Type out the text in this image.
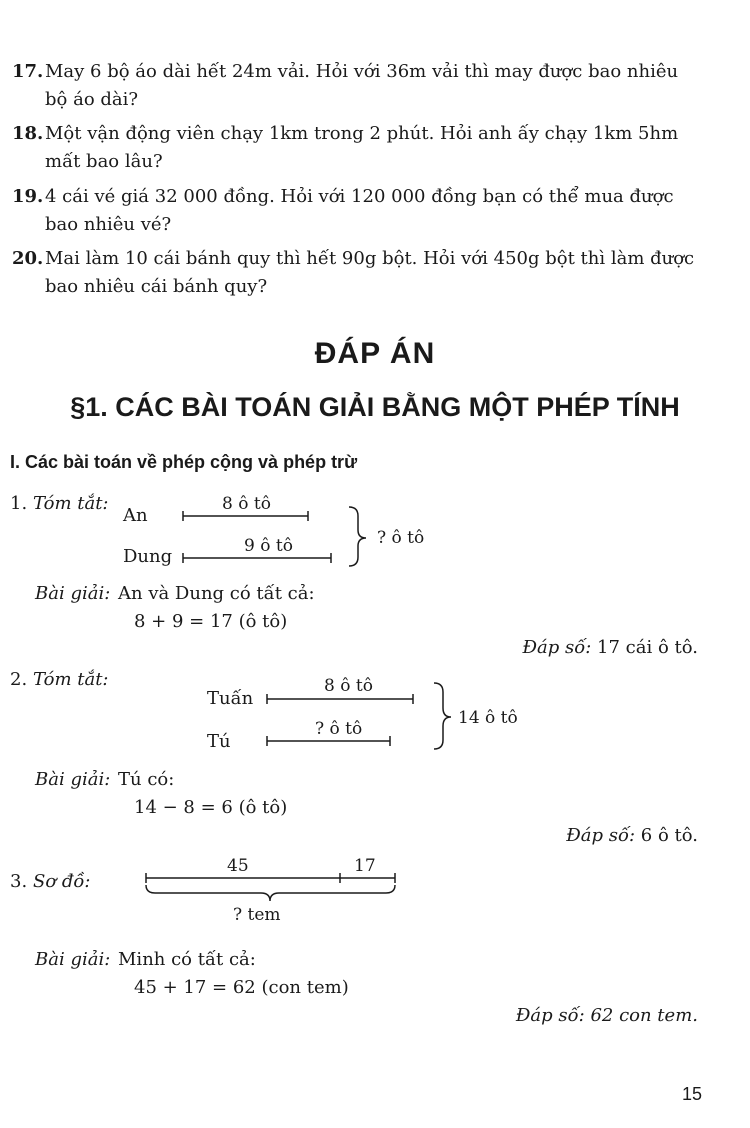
17. May 6 bộ áo dài hết 24m vải. Hỏi với 36m vải thì may được bao nhiêu
bộ áo dài?
18. Một vận động viên chạy 1km trong 2 phút. Hỏi anh ấy chạy 1km 5hm
mất bao lâu?
19. 4 cái vé giá 32 000 đồng. Hỏi với 120 000 đồng bạn có thể mua được
bao nhiêu vé?
20. Mai làm 10 cái bánh quy thì hết 90g bột. Hỏi với 450g bột thì làm được
bao nhiêu cái bánh quy?
ĐÁP ÁN
§1. CÁC BÀI TOÁN GIẢI BẰNG MỘT PHÉP TÍNH
I. Các bài toán về phép cộng và phép trừ
1. Tóm tắt:
An
8 ô tô
Dung	9 ô tô	? ô tô
Bài giải: An và Dung có tất cả:
8 + 9 = 17 (ô tô)
Đáp số: 17 cái ô tô.
2. Tóm tắt:
Tuấn
8 ô tô
Tú
? ô tô
14 ô tô
Bài giải: Tú có:
14 − 8 = 6 (ô tô)
Đáp số: 6 ô tô.
3. Sơ đồ:
45	17
? tem
Bài giải: Minh có tất cả:
45 + 17 = 62 (con tem)
Đáp số: 62 con tem.
15
